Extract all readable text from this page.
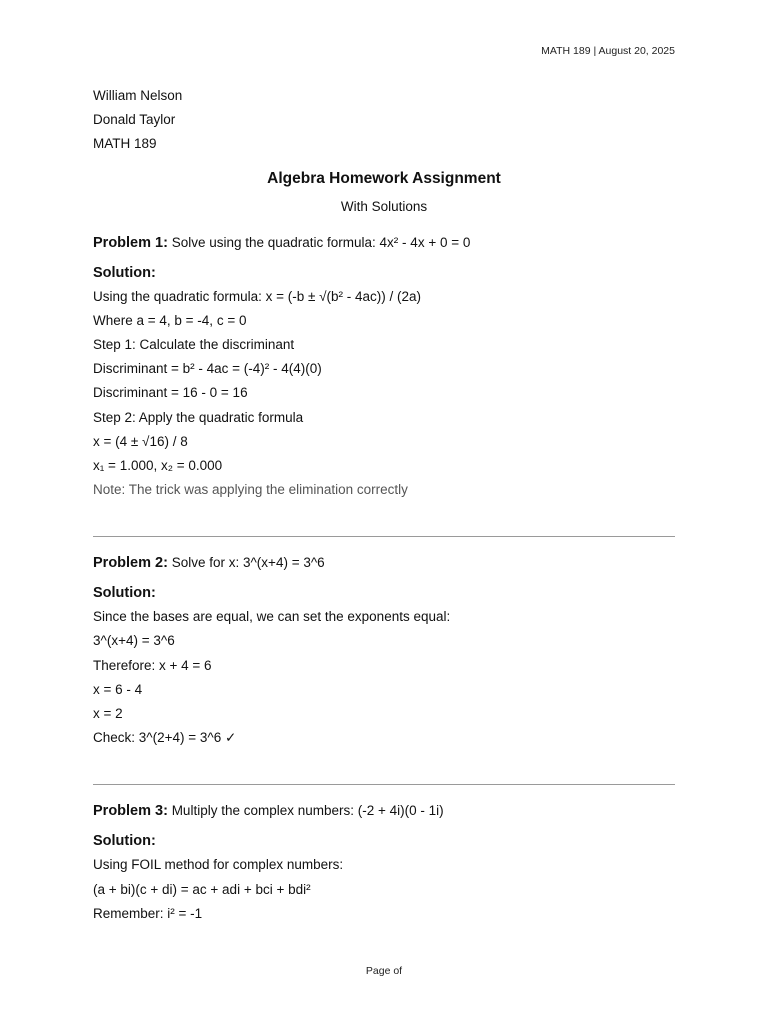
MATH 189 | August 20, 2025
William Nelson
Donald Taylor
MATH 189
Algebra Homework Assignment
With Solutions
Problem 1: Solve using the quadratic formula: 4x² - 4x + 0 = 0
Solution:
Using the quadratic formula: x = (-b ± √(b² - 4ac)) / (2a)
Where a = 4, b = -4, c = 0
Step 1: Calculate the discriminant
Discriminant = b² - 4ac = (-4)² - 4(4)(0)
Discriminant = 16 - 0 = 16
Step 2: Apply the quadratic formula
x = (4 ± √16) / 8
x₁ = 1.000, x₂ = 0.000
Note: The trick was applying the elimination correctly
Problem 2: Solve for x: 3^(x+4) = 3^6
Solution:
Since the bases are equal, we can set the exponents equal:
3^(x+4) = 3^6
Therefore: x + 4 = 6
x = 6 - 4
x = 2
Check: 3^(2+4) = 3^6 ✓
Problem 3: Multiply the complex numbers: (-2 + 4i)(0 - 1i)
Solution:
Using FOIL method for complex numbers:
(a + bi)(c + di) = ac + adi + bci + bdi²
Remember: i² = -1
Page of
